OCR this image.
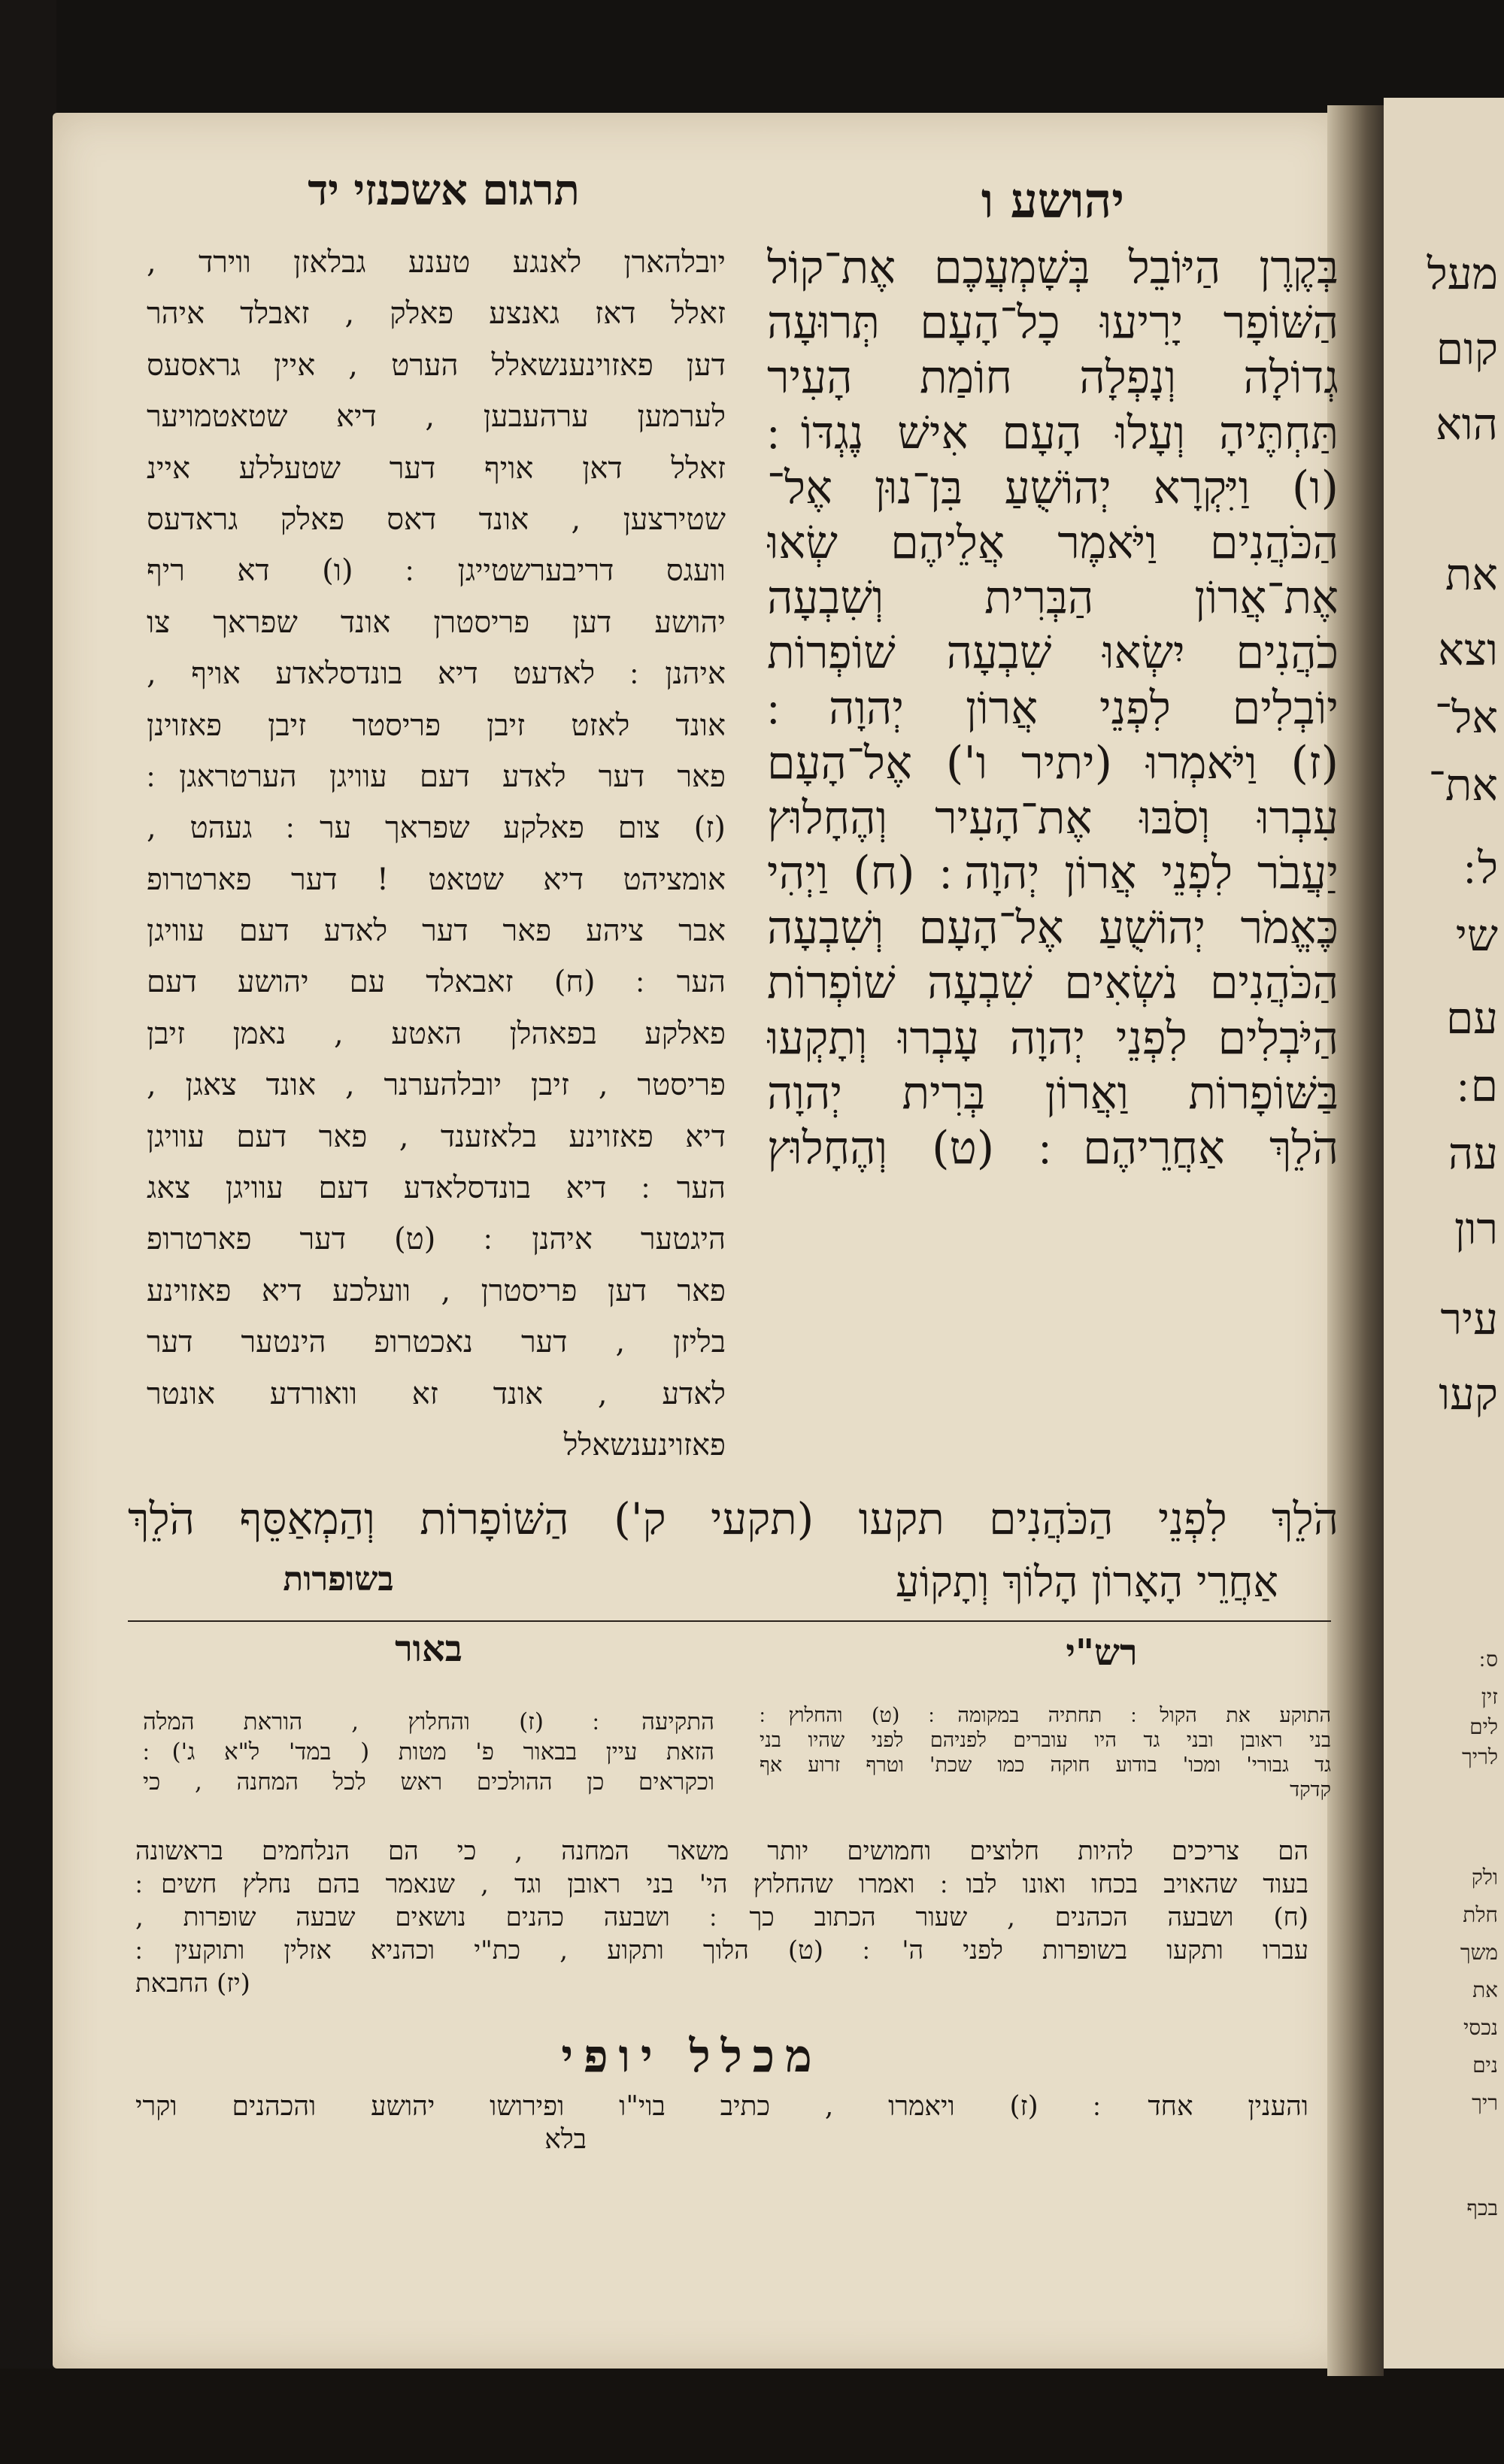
מעל
קום
הוא
את
וצא
אל־
את־
ל ׃
שי
עם
ם ׃
עה
רון
עיר
קעו
ס ׃
זין
לים
לריך
ולק
חלת
משך
את
נכסי
נים
ריך
בכף
תרגום אשכנזי יד	יהושע ו
יובלהארן לאנגע טענע גבלאזן ווירד ,
זאלל דאז גאנצע פאלק , זאבלד איהר
דען פאזוינענשאלל הערט , איין גראסעס
לערמען ערהעבען , דיא שטאטמויער
זאלל דאן אויף דער שטעללע איינ
שטירצען , אונד דאס פאלק גראדעס
וועגס דריבערשטייגן ׃ (ו) דא ריף
יהושע דען פריסטרן אונד שפראך צו
איהנן ׃ לאדעט דיא בונדסלאדע אויף ,
אונד לאזט זיבן פריסטר זיבן פאזוינן
פאר דער לאדע דעם עוויגן הערטראגן ׃
(ז) צום פאלקע שפראך ער ׃ געהט ,
אומציהט דיא שטאט ! דער פארטרופ
אבר ציהע פאר דער לאדע דעם עוויגן
הער ׃ (ח) זאבאלד עם יהושע דעם
פאלקע בפאהלן האטע , נאמן זיבן
פריסטר , זיבן יובלהערנר , אונד צאגן ,
דיא פאזוינע בלאזענד , פאר דעם עוויגן
הער ׃ דיא בונדסלאדע דעם עוויגן צאג
היגטער איהנן ׃ (ט) דער פארטרופ
פאר דען פריסטרן , וועלכע דיא פאזוינע
בליזן , דער נאכטרופ הינטער דער
לאדע , אונד זא וואורדע אונטר
פאזוינענשאלל
בְּקֶרֶן הַיּוֹבֵל בְּשָׁמְעֲכֶם אֶת־קוֹל
הַשּׁוֹפָר יָרִיעוּ כָל־הָעָם תְּרוּעָה
גְדוֹלָה וְנָפְלָה חוֹמַת הָעִיר
תַּחְתֶּיהָ וְעָלוּ הָעָם אִישׁ נֶגְדּוֹ ׃
(ו) וַיִּקְרָא יְהוֹשֻׁעַ בִּן־נוּן אֶל־
הַכֹּהֲנִים וַיֹּאמֶר אֲלֵיהֶם שְׂאוּ
אֶת־אֲרוֹן הַבְּרִית וְשִׁבְעָה
כֹהֲנִים יִשְׂאוּ שִׁבְעָה שׁוֹפְרוֹת
יוֹבְלִים לִפְנֵי אֲרוֹן יְהוָה ׃
(ז) וַיֹּאמְרוּ (יתיר ו') אֶל־הָעָם
עִבְרוּ וְסֹבּוּ אֶת־הָעִיר וְהֶחָלוּץ
יַעֲבֹר לִפְנֵי אֲרוֹן יְהוָה ׃ (ח) וַיְהִי
כֶּאֱמֹר יְהוֹשֻׁעַ אֶל־הָעָם וְשִׁבְעָה
הַכֹּהֲנִים נֹשְׂאִים שִׁבְעָה שׁוֹפְרוֹת
הַיֹּבְלִים לִפְנֵי יְהוָה עָבְרוּ וְתָקְעוּ
בַּשּׁוֹפָרוֹת וַאֲרוֹן בְּרִית יְהוָה
הֹלֵךְ אַחֲרֵיהֶם ׃ (ט) וְהֶחָלוּץ
הֹלֵךְ לִפְנֵי הַכֹּהֲנִים תקעו (תקעי ק') הַשּׁוֹפָרוֹת וְהַמְאַסֵּף הֹלֵךְ
אַחֲרֵי הָאָרוֹן הָלוֹךְ וְתָקוֹעַ
בשופרות
רש"י
באור
התוקע את הקול ׃ תחתיה במקומה ׃ (ט) והחלוץ ׃
בני ראובן ובני גד היו עוברים לפניהם לפני שהיו בני
גד גבורי' ומכו' בודוע חוקה כמו שכת' וטרף זרוע אף
קדקד
התקיעה ׃ (ז) והחלוץ , הוראת המלה
הזאת עיין בבאור פ' מטות ( במד' ל"א ג') ׃
וכקראים כן ההולכים ראש לכל המחנה , כי
הם צריכים להיות חלוצים וחמושים יותר משאר המחנה , כי הם הנלחמים בראשונה
בעוד שהאויב בכחו ואונו לבו ׃ ואמרו שהחלוץ הי' בני ראובן וגד , שנאמר בהם נחלץ חשים ׃
(ח) ושבעה הכהנים , שעור הכתוב כך ׃ ושבעה כהנים נושאים שבעה שופרות ,
עברו ותקעו בשופרות לפני ה' ׃ (ט) הלוך ותקוע , כת"י וכהניא אזלין ותוקעין ׃
(יז) החבאת
מכלל יופי
והענין אחד ׃ (ז) ויאמרו , כתיב בוי"ו ופירושו יהושע והכהנים וקרי
בלא
